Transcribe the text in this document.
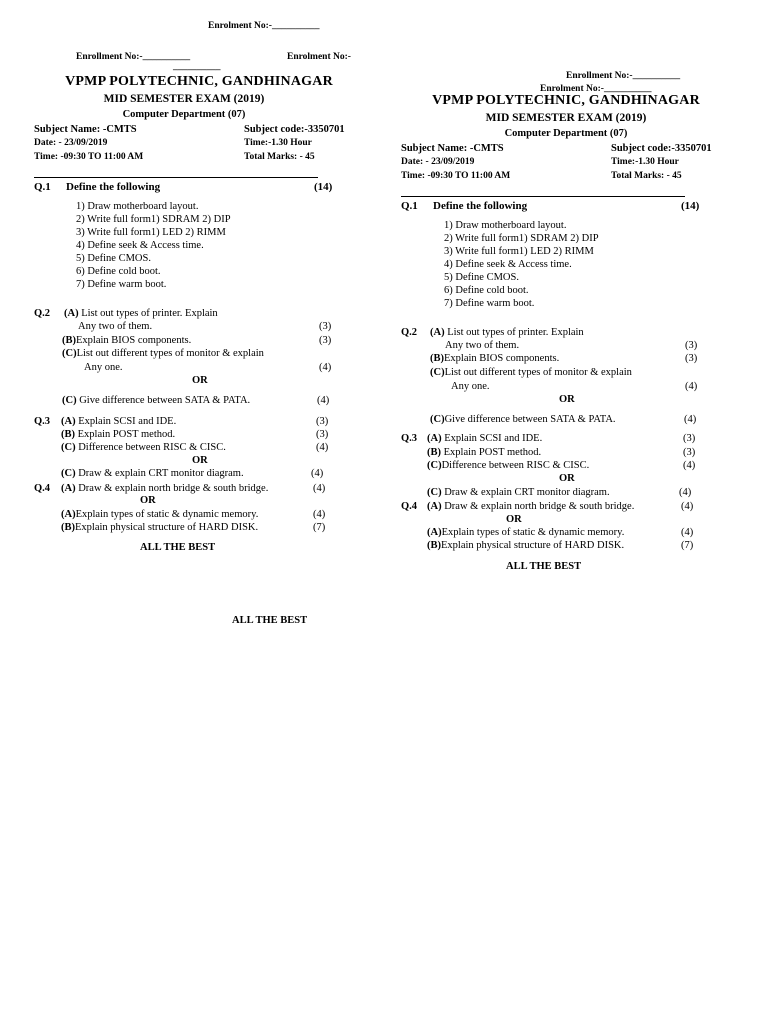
Enrolment No:-__________
Enrollment No:-__________	Enrolment No:-
__________
Enrollment No:-__________
Enrolment No:-__________
VPMP POLYTECHNIC, GANDHINAGAR
MID SEMESTER EXAM (2019)
Computer Department (07)
Subject Name: -CMTS	Subject code:-3350701
Date: - 23/09/2019	Time:-1.30 Hour
Time: -09:30 TO 11:00 AM	Total Marks: - 45
Q.1 Define the following	(14)
1) Draw motherboard layout.
2) Write full form1) SDRAM 2) DIP
3) Write full form1) LED 2) RIMM
4) Define seek & Access time.
5) Define CMOS.
6) Define cold boot.
7) Define warm boot.
Q.2 (A) List out types of printer. Explain
Any two of them.	(3)
(B)Explain BIOS components.	(3)
(C)List out different types of monitor & explain
Any one.	(4)
OR
(C) Give difference between SATA & PATA.	(4)
Q.3 (A) Explain SCSI and IDE.	(3)
(B) Explain POST method.	(3)
(C) Difference between RISC & CISC.	(4)
OR
(C) Draw & explain CRT monitor diagram.	(4)
Q.4 (A) Draw & explain north bridge & south bridge.	(4)
OR
(A)Explain types of static & dynamic memory.	(4)
(B)Explain physical structure of HARD DISK.	(7)
ALL THE BEST
VPMP POLYTECHNIC, GANDHINAGAR
MID SEMESTER EXAM (2019)
Computer Department (07)
Subject Name: -CMTS	Subject code:-3350701
Date: - 23/09/2019	Time:-1.30 Hour
Time: -09:30 TO 11:00 AM	Total Marks: - 45
Q.1 Define the following	(14)
1) Draw motherboard layout.
2) Write full form1) SDRAM 2) DIP
3) Write full form1) LED 2) RIMM
4) Define seek & Access time.
5) Define CMOS.
6) Define cold boot.
7) Define warm boot.
Q.2 (A) List out types of printer. Explain
Any two of them.	(3)
(B)Explain BIOS components.	(3)
(C)List out different types of monitor & explain
Any one.	(4)
OR
(C)Give difference between SATA & PATA.	(4)
Q.3 (A) Explain SCSI and IDE.	(3)
(B) Explain POST method.	(3)
(C)Difference between RISC & CISC.	(4)
OR
(C) Draw & explain CRT monitor diagram.	(4)
Q.4 (A) Draw & explain north bridge & south bridge.	(4)
OR
(A)Explain types of static & dynamic memory.	(4)
(B)Explain physical structure of HARD DISK.	(7)
ALL THE BEST
ALL THE BEST
